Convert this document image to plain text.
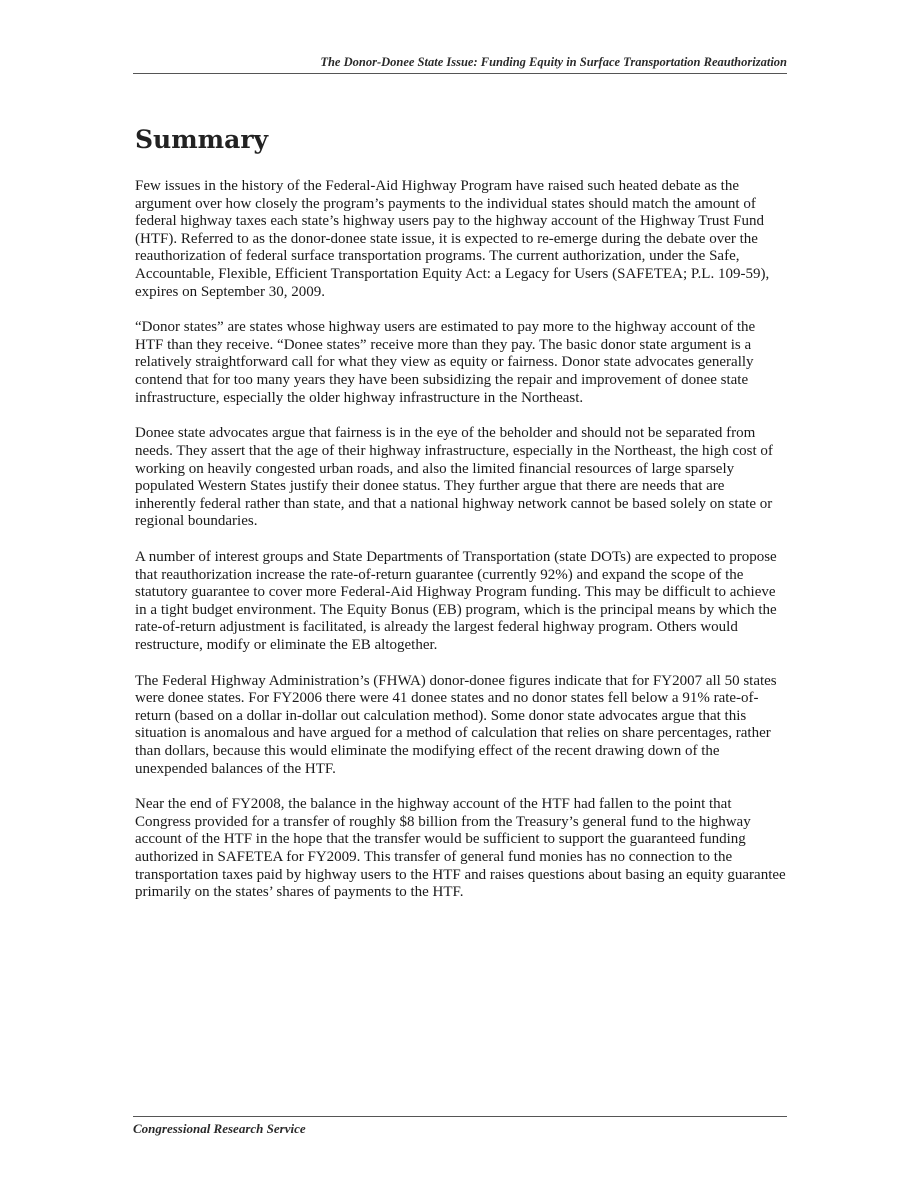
The Donor-Donee State Issue: Funding Equity in Surface Transportation Reauthorization
Summary

Few issues in the history of the Federal-Aid Highway Program have raised such heated debate as the argument over how closely the program’s payments to the individual states should match the amount of federal highway taxes each state’s highway users pay to the highway account of the Highway Trust Fund (HTF). Referred to as the donor-donee state issue, it is expected to re-emerge during the debate over the reauthorization of federal surface transportation programs. The current authorization, under the Safe, Accountable, Flexible, Efficient Transportation Equity Act: a Legacy for Users (SAFETEA; P.L. 109-59), expires on September 30, 2009.

“Donor states” are states whose highway users are estimated to pay more to the highway account of the HTF than they receive. “Donee states” receive more than they pay. The basic donor state argument is a relatively straightforward call for what they view as equity or fairness. Donor state advocates generally contend that for too many years they have been subsidizing the repair and improvement of donee state infrastructure, especially the older highway infrastructure in the Northeast.

Donee state advocates argue that fairness is in the eye of the beholder and should not be separated from needs. They assert that the age of their highway infrastructure, especially in the Northeast, the high cost of working on heavily congested urban roads, and also the limited financial resources of large sparsely populated Western States justify their donee status. They further argue that there are needs that are inherently federal rather than state, and that a national highway network cannot be based solely on state or regional boundaries.

A number of interest groups and State Departments of Transportation (state DOTs) are expected to propose that reauthorization increase the rate-of-return guarantee (currently 92%) and expand the scope of the statutory guarantee to cover more Federal-Aid Highway Program funding. This may be difficult to achieve in a tight budget environment. The Equity Bonus (EB) program, which is the principal means by which the rate-of-return adjustment is facilitated, is already the largest federal highway program. Others would restructure, modify or eliminate the EB altogether.

The Federal Highway Administration’s (FHWA) donor-donee figures indicate that for FY2007 all 50 states were donee states. For FY2006 there were 41 donee states and no donor states fell below a 91% rate-of-return (based on a dollar in-dollar out calculation method). Some donor state advocates argue that this situation is anomalous and have argued for a method of calculation that relies on share percentages, rather than dollars, because this would eliminate the modifying effect of the recent drawing down of the unexpended balances of the HTF.

Near the end of FY2008, the balance in the highway account of the HTF had fallen to the point that Congress provided for a transfer of roughly $8 billion from the Treasury’s general fund to the highway account of the HTF in the hope that the transfer would be sufficient to support the guaranteed funding authorized in SAFETEA for FY2009. This transfer of general fund monies has no connection to the transportation taxes paid by highway users to the HTF and raises questions about basing an equity guarantee primarily on the states’ shares of payments to the HTF.

Congressional Research Service
